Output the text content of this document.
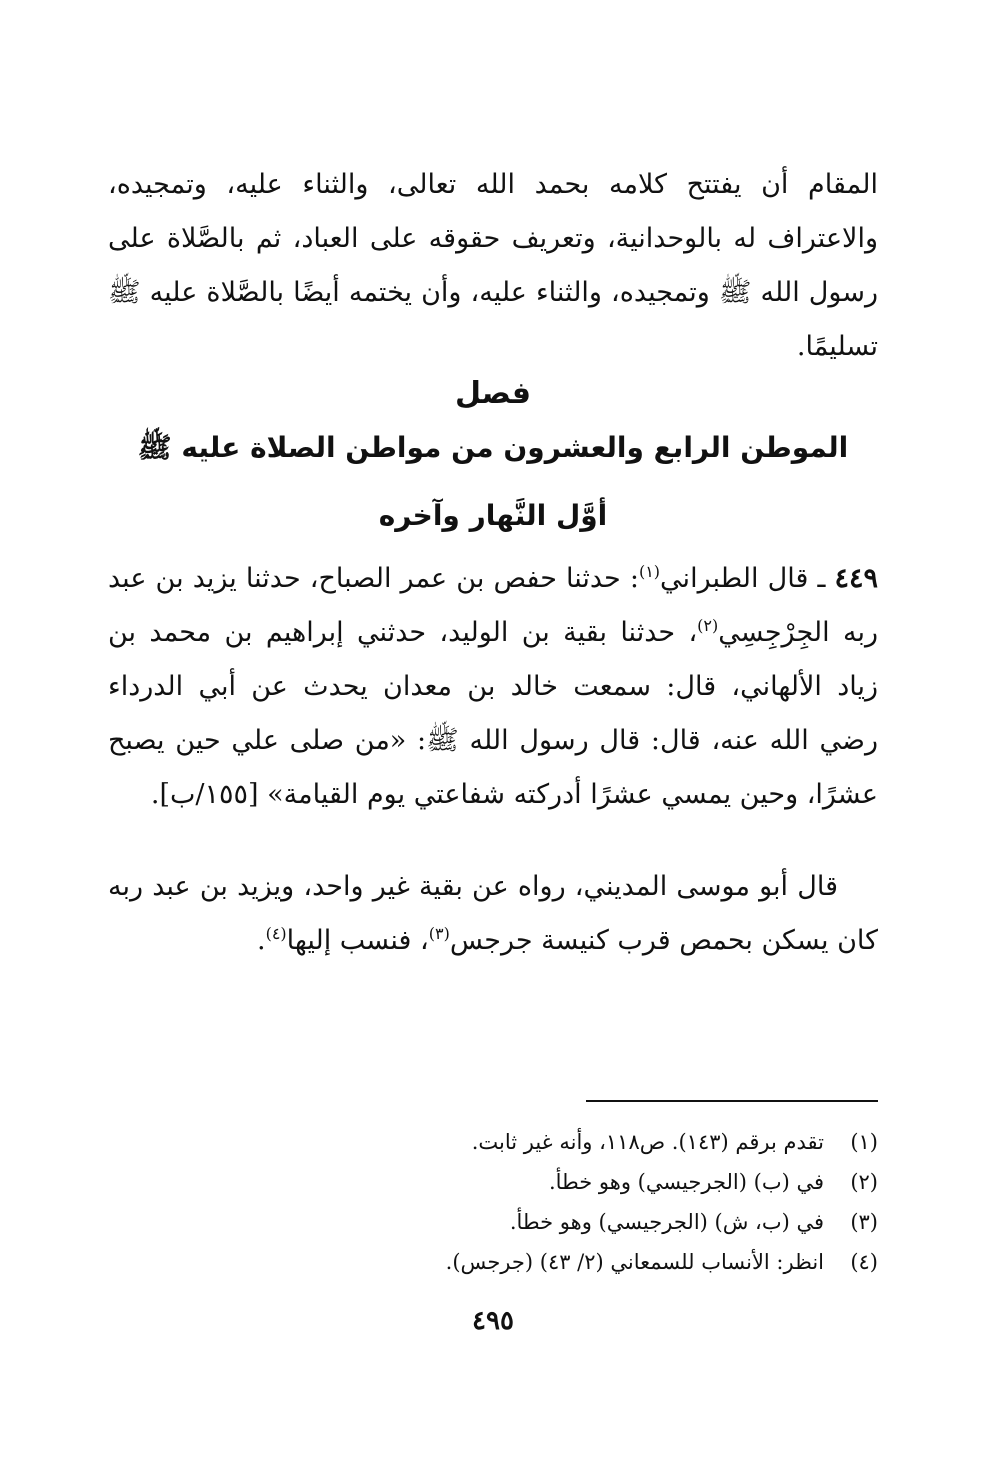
المقام أن يفتتح كلامه بحمد الله تعالى، والثناء عليه، وتمجيده، والاعتراف له بالوحدانية، وتعريف حقوقه على العباد، ثم بالصَّلاة على رسول الله ﷺ وتمجيده، والثناء عليه، وأن يختمه أيضًا بالصَّلاة عليه ﷺ تسليمًا.

فصل
الموطن الرابع والعشرون من مواطن الصلاة عليه ﷺ
أوَّل النَّهار وآخره

٤٤٩ ـ قال الطبراني$^{(١)}$: حدثنا حفص بن عمر الصباح، حدثنا يزيد بن عبد ربه الجِرْجِسِي$^{(٢)}$، حدثنا بقية بن الوليد، حدثني إبراهيم بن محمد بن زياد الألهاني، قال: سمعت خالد بن معدان يحدث عن أبي الدرداء رضي الله عنه، قال: قال رسول الله ﷺ: «من صلى علي حين يصبح عشرًا، وحين يمسي عشرًا أدركته شفاعتي يوم القيامة» [١٥٥/ب].

قال أبو موسى المديني، رواه عن بقية غير واحد، ويزيد بن عبد ربه كان يسكن بحمص قرب كنيسة جرجس$^{(٣)}$، فنسب إليها$^{(٤)}$.

(١)
تقدم برقم (١٤٣). ص١١٨، وأنه غير ثابت.
(٢)
في (ب) (الجرجيسي) وهو خطأ.
(٣)
في (ب، ش) (الجرجيسي) وهو خطأ.
(٤)
انظر: الأنساب للسمعاني (٢/ ٤٣) (جرجس).
٤٩٥
